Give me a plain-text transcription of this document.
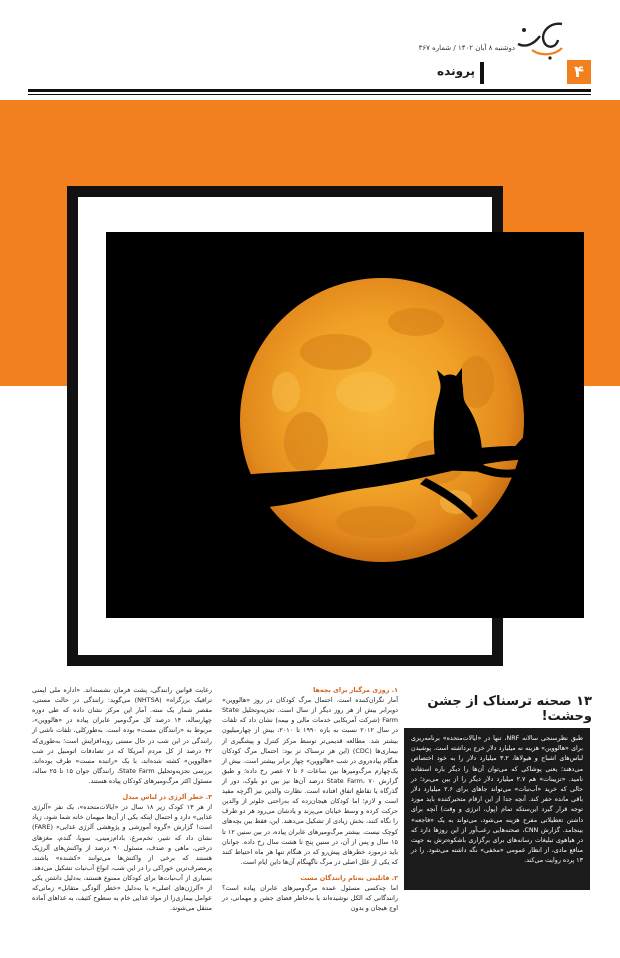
دوشنبه ۸ آبان ۱۴۰۲ / شماره ۳۶۷
۴
پرونده
۱۳ صحنه ترسناک از جشن وحشت!
طبق نظرسنجی سالانه NRF، تنها در «ایالات‌متحده» برنامه‌ریزی برای «هالووین» هزینه‌ نه میلیارد دلار خرج برداشته است. پوشیدن لباس‌های اشباح و هیولاها، ۳.۲ میلیارد دلار را به خود اختصاص می‌دهند؛ یعنی پوشاکی که می‌توان آن‌ها را دیگر باره استفاده نامید. «تزیینات» هم ۲.۷ میلیارد دلار دیگر را از بین می‌برد؛ در حالی که خرید «آب‌نبات» می‌تواند جاهای برای ۲.۶ میلیارد دلار باقی مانده حفر کند. آنچه جدا از این ارقام متحیرکننده باید مورد توجه قرار گیرد این‌ستکه تمام (پول، انرژی و وقت) آنچه برای داشتن تعطیلاتی مفرح هزینه می‌شود، می‌تواند به یک «فاجعه» بینجامد. گزارش CNN، صحنه‌هایی رعب‌آور از این روزها دارد که در هیاهوی تبلیغات رسانه‌های برای برگزاری باشکوه‌ترش به جهت منافع مادی، از انظار عمومی «مخفی» نگه داشته می‌شود. را در ۱۳ پرده روایت می‌کند.
۱. روزی مرگبار برای بچه‌ها
آمار نگران‌کننده است. احتمال مرگ کودکان در روز «هالووین» دوبرابر بیش از هر روز دیگر از سال است. تجزیه‌وتحلیل State Farm (شرکت آمریکایی خدمات مالی و بیمه) نشان داد که تلفات در سال ۲۰۱۲ نسبت به بازه ۱۹۹۰ تا ۲۰۱۰، بیش از چهارمیلیون بیشتر شد. مطالعه قدیمی‌تر توسط مرکز کنترل و پیشگیری از بیماری‌ها (CDC) (این هر ترسناک تر بود: احتمال مرگ کودکان هنگام پیاده‌روی در شب «هالووین» چهار برابر بیشتر است. بیش از یک‌چهارم مرگ‌ومیرها بین ساعات ۶ تا ۷ عصر رخ داده؛ و طبق گزارش State Farm، ۷۰ درصد آن‌ها نیز بین دو بلوک، دور از گذرگاه یا تقاطع اتفاق افتاده است. نظارت والدین نیز اگرچه مفید است و لازم؛ اما کودکان هیجان‌زده که به‌راحتی جلوتر از والدین حرکت کرده و وسط خیابان می‌پرند و یادشان می‌رود هر دو طرف را نگاه کنند، بخش زیادی از تشکیل می‌دهند. این، فقط بین بچه‌های کوچک نیست. بیشتر مرگ‌ومیرهای عابران پیاده، در بین سنین ۱۲ تا ۱۵ سال و پس از آن، در سنین پنج تا هشت سال رخ داده. جوانان باید درمورد خطرهای پیش‌رو که در هنگام تنها هر ماه احتیاط کنند که یکی از علل اصلی در مرگ ناگهنگام آن‌ها داین ایام است.
۲. قاتلینی به‌نام رانندگان مست
اما چه‌کسی مسئول عمده مرگ‌ومیرهای عابران پیاده است؟ رانندگانی که الکل نوشیده‌اند یا به‌خاطر فضای جشن و مهمانی، در اوج هیجان و بدون
رعایت قوانین رانندگی، پشت فرمان نشسته‌اند. «اداره ملی ایمنی ترافیک بزرگراه» (NHTSA) می‌گوید: رانندگی در حالت مستی، مقصر شمار یک سته. آمار این مرکز نشان داده که طی دوره چهارساله، ۱۴ درصد کل مرگ‌ومیر عابران پیاده در «هالووین»، مربوط به «رانندگان مست» بوده است. به‌طورکلی، تلفات ناشی از رانندگی در این شب در حال مستی روبه‌افزایش است؛ به‌طوری‌که ۴۲ درصد از کل مردم آمریکا که در تصادفات اتومبیل در شب «هالووین» کشته شده‌اند، با یک «راننده مست» طرف بوده‌اند. بررسی تجزیه‌وتحلیل State Farm، رانندگان جوان ۱۵ تا ۲۵ ساله، مسئول اکثر مرگ‌ومیرهای کودکان پیاده هستند.
۳. خطر آلرژی در لباس مبدل
از هر ۱۳ کودک زیر ۱۸ سال در «ایالات‌متحده»، یک نفر «آلرژی غذایی» دارد و احتمال اینکه یکی از آن‌ها میهمان خانه شما شود، زیاد است! گزارش «گروه آموزشی و پژوهشی آلرژی غذایی» (FARE) نشان داد که شیر، تخم‌مرغ، بادام‌زمینی، سویا، گندم، مغزهای درختی، ماهی و صدف، مسئول ۹۰ درصد از واکنش‌های آلرژیک هستند که برخی از واکنش‌ها می‌توانند «کشنده» باشند. پرمصرف‌ترین خوراکی را در این شب، انواع آب‌نبات تشکیل می‌دهد. بسیاری از آب‌نبات‌ها برای کودکان ممنوع هستند، به‌دلیل داشتن یکی از «آلرژن‌های اصلی» یا به‌دلیل «خطر آلودگی متقابل» زمانی‌که عوامل بیماری‌زا از مواد غذایی خام به سطوح کثیف، به غذاهای آماده منتقل می‌شوند.
